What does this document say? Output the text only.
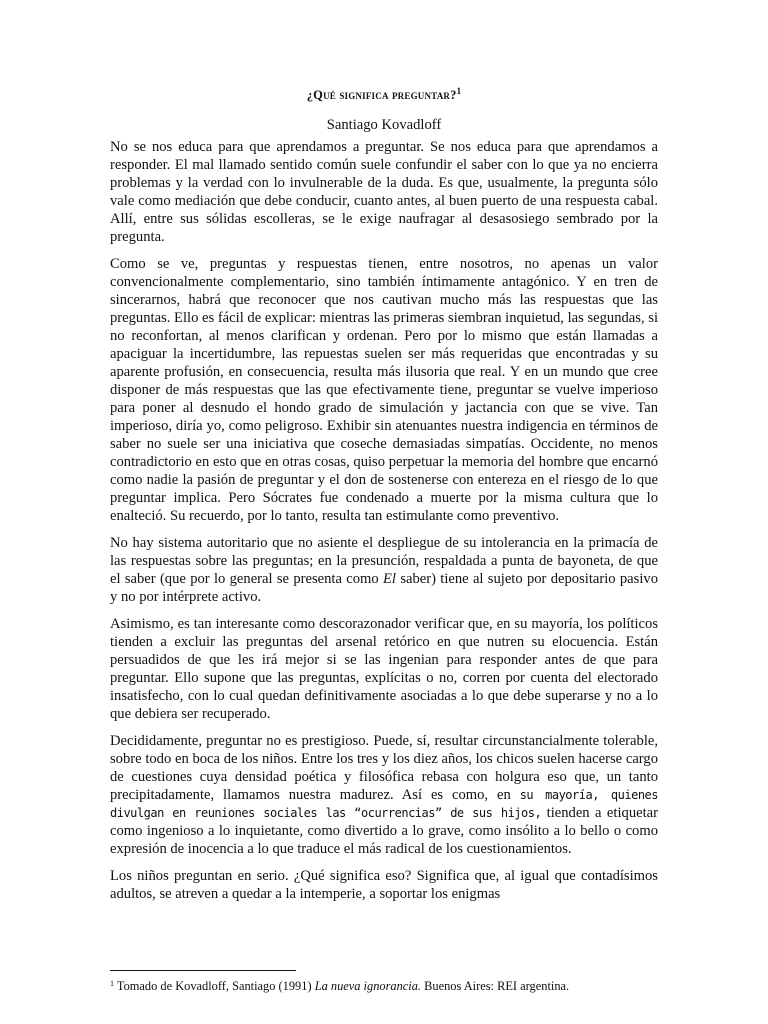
¿Qué significa preguntar?$^1$

Santiago Kovadloff

No se nos educa para que aprendamos a preguntar. Se nos educa para que aprendamos a responder. El mal llamado sentido común suele confundir el saber con lo que ya no encierra problemas y la verdad con lo invulnerable de la duda. Es que, usualmente, la pregunta sólo vale como mediación que debe conducir, cuanto antes, al buen puerto de una respuesta cabal. Allí, entre sus sólidas escolleras, se le exige naufragar al desasosiego sembrado por la pregunta.

Como se ve, preguntas y respuestas tienen, entre nosotros, no apenas un valor convencionalmente complementario, sino también íntimamente antagónico. Y en tren de sincerarnos, habrá que reconocer que nos cautivan mucho más las respuestas que las preguntas. Ello es fácil de explicar: mientras las primeras siembran inquietud, las segundas, si no reconfortan, al menos clarifican y ordenan. Pero por lo mismo que están llamadas a apaciguar la incertidumbre, las repuestas suelen ser más requeridas que encontradas y su aparente profusión, en consecuencia, resulta más ilusoria que real. Y en un mundo que cree disponer de más respuestas que las que efectivamente tiene, preguntar se vuelve imperioso para poner al desnudo el hondo grado de simulación y jactancia con que se vive. Tan imperioso, diría yo, como peligroso. Exhibir sin atenuantes nuestra indigencia en términos de saber no suele ser una iniciativa que coseche demasiadas simpatías. Occidente, no menos contradictorio en esto que en otras cosas, quiso perpetuar la memoria del hombre que encarnó como nadie la pasión de preguntar y el don de sostenerse con entereza en el riesgo de lo que preguntar implica. Pero Sócrates fue condenado a muerte por la misma cultura que lo enalteció. Su recuerdo, por lo tanto, resulta tan estimulante como preventivo.

No hay sistema autoritario que no asiente el despliegue de su intolerancia en la primacía de las respuestas sobre las preguntas; en la presunción, respaldada a punta de bayoneta, de que el saber (que por lo general se presenta como El saber) tiene al sujeto por depositario pasivo y no por intérprete activo.

Asimismo, es tan interesante como descorazonador verificar que, en su mayoría, los políticos tienden a excluir las preguntas del arsenal retórico en que nutren su elocuencia. Están persuadidos de que les irá mejor si se las ingenian para responder antes de que para preguntar. Ello supone que las preguntas, explícitas o no, corren por cuenta del electorado insatisfecho, con lo cual quedan definitivamente asociadas a lo que debe superarse y no a lo que debiera ser recuperado.

Decididamente, preguntar no es prestigioso. Puede, sí, resultar circunstancialmente tolerable, sobre todo en boca de los niños. Entre los tres y los diez años, los chicos suelen hacerse cargo de cuestiones cuya densidad poética y filosófica rebasa con holgura eso que, un tanto precipitadamente, llamamos nuestra madurez. Así es como, en su mayoría, quienes divulgan en reuniones sociales las “ocurrencias” de sus hijos, tienden a etiquetar como ingenioso a lo inquietante, como divertido a lo grave, como insólito a lo bello o como expresión de inocencia a lo que traduce el más radical de los cuestionamientos.

Los niños preguntan en serio. ¿Qué significa eso? Significa que, al igual que contadísimos adultos, se atreven a quedar a la intemperie, a soportar los enigmas

$^1$ Tomado de Kovadloff, Santiago (1991) La nueva ignorancia. Buenos Aires: REI argentina.
